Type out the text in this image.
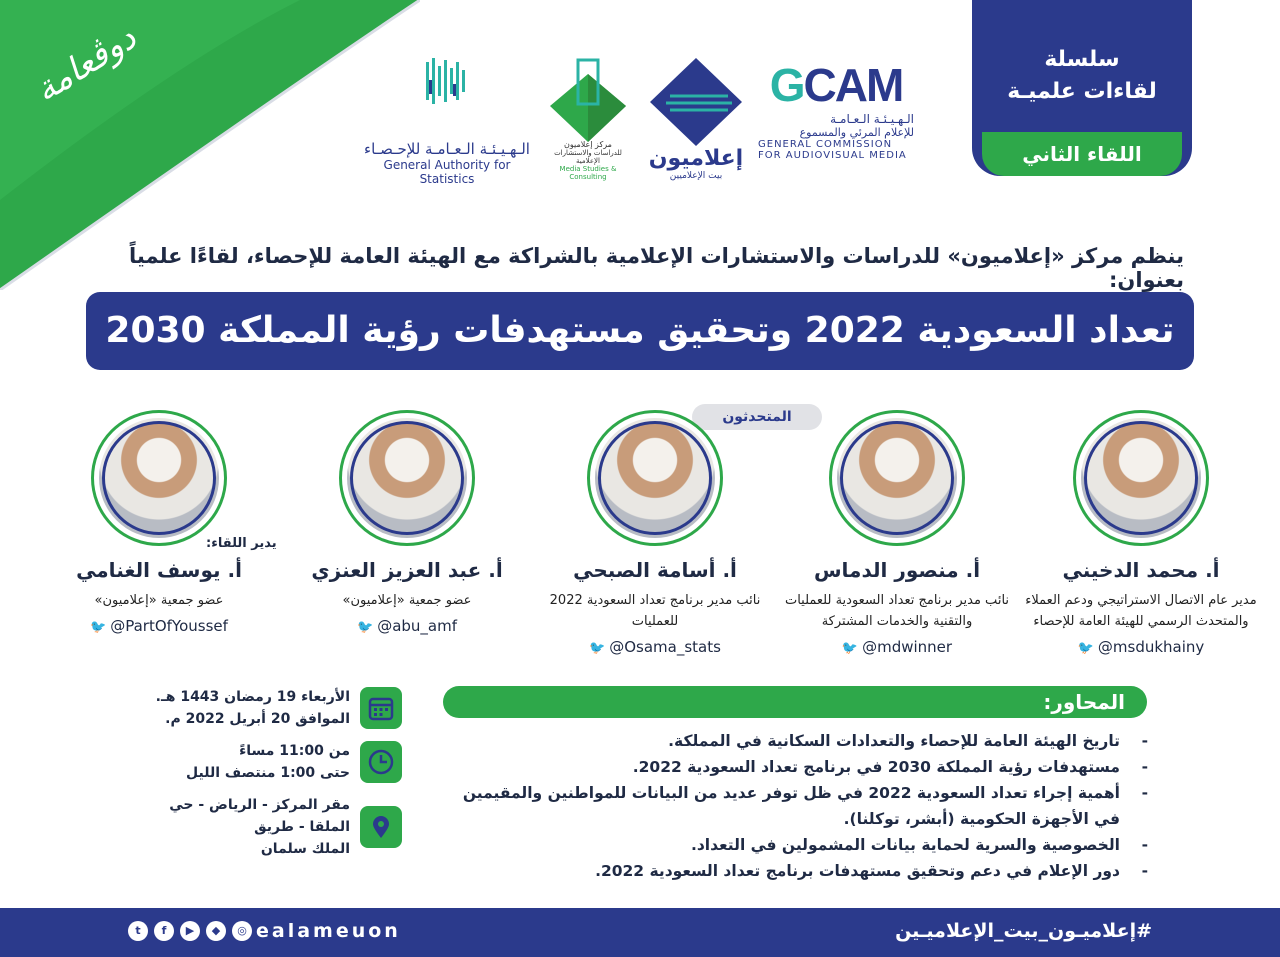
دوڤعامة	سلسلة
لقاءات علميـة
اللقاء الثاني
الـهـيـئـة الـعـامـة للإحـصـاء
General Authority for Statistics
مركز إعلاميون
للدراسات والاستشارات الإعلامية
Media Studies & Consulting
إعلاميون
بيت الإعلاميين
GCAM
الـهـيـئـة الـعـامـة
للإعلام المرئي والمسموع
GENERAL COMMISSION
FOR AUDIOVISUAL MEDIA
ينظم مركز «إعلاميون» للدراسات والاستشارات الإعلامية بالشراكة مع الهيئة العامة للإحصاء، لقاءًا علمياً بعنوان:
تعداد السعودية 2022 وتحقيق مستهدفات رؤية المملكة 2030
المتحدثون
يدير اللقاء:
أ. محمد الدخيني
مدير عام الاتصال الاستراتيجي ودعم العملاء والمتحدث الرسمي للهيئة العامة للإحصاء
🐦 @msdukhainy
أ. منصور الدماس
نائب مدير برنامج تعداد السعودية للعمليات والتقنية والخدمات المشتركة
🐦 @mdwinner
أ. أسامة الصبحي
نائب مدير برنامج تعداد السعودية 2022 للعمليات
🐦 @Osama_stats
أ. عبد العزيز العنزي
عضو جمعية «إعلاميون»
🐦 @abu_amf
أ. يوسف الغنامي
عضو جمعية «إعلاميون»
🐦 @PartOfYoussef
الأربعاء 19 رمضان 1443 هـ.
الموافق 20 أبريل 2022 م.
من 11:00 مساءً
حتى 1:00 منتصف الليل
مقر المركز - الرياض - حي الملقا - طريق
الملك سلمان
المحاور:
- تاريخ الهيئة العامة للإحصاء والتعدادات السكانية في المملكة.
- مستهدفات رؤية المملكة 2030 في برنامج تعداد السعودية 2022.
- أهمية إجراء تعداد السعودية 2022 في ظل توفر عديد من البيانات للمواطنين والمقيمين في الأجهزة الحكومية (أبشر، توكلنا).
- الخصوصية والسرية لحماية بيانات المشمولين في التعداد.
- دور الإعلام في دعم وتحقيق مستهدفات برنامج تعداد السعودية 2022.
t	f	▶	◆	◎ ealameuon	#إعلاميـون_بيت_الإعلاميـين
